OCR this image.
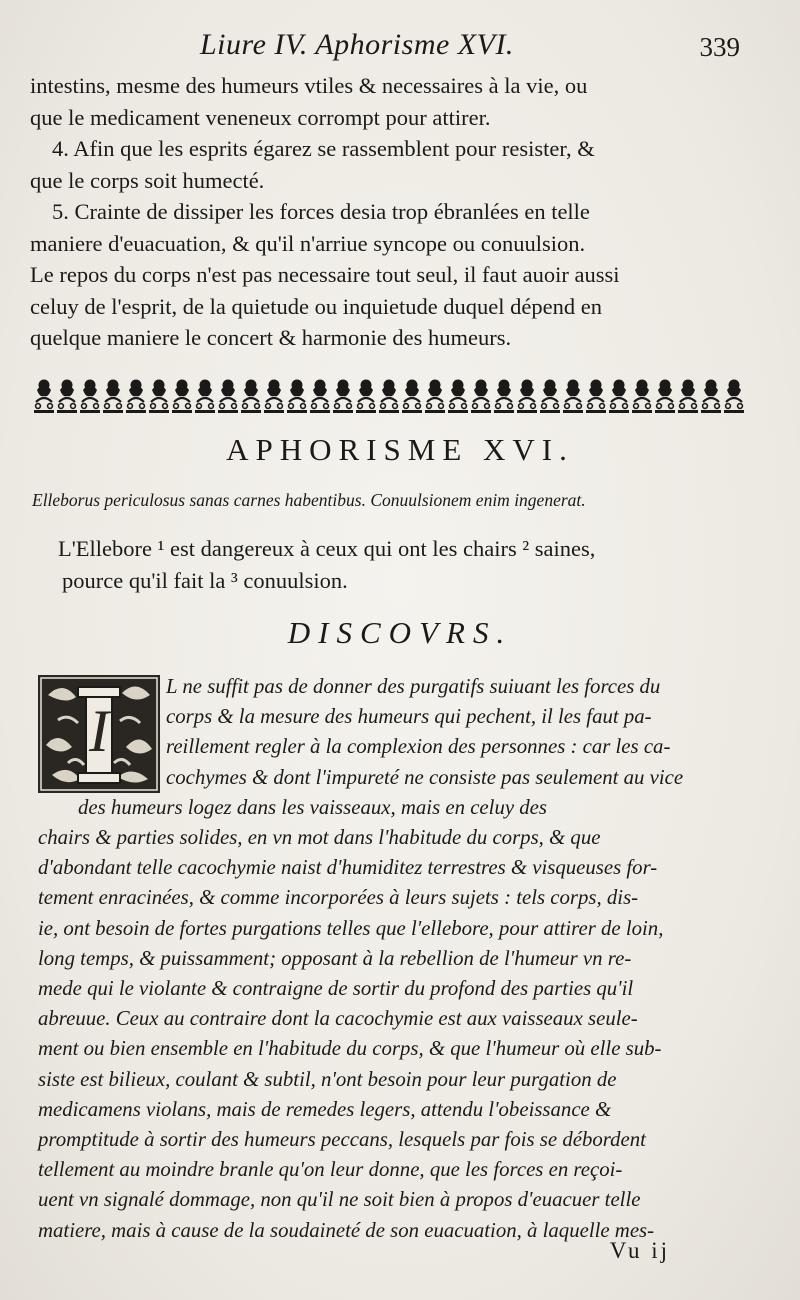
Liure IV. Aphorisme XVI.	339

intestins, mesme des humeurs vtiles & necessaires à la vie, ou

que le medicament veneneux corrompt pour attirer.

4. Afin que les esprits égarez se rassemblent pour resister, &

que le corps soit humecté.

5. Crainte de dissiper les forces desia trop ébranlées en telle

maniere d'euacuation, & qu'il n'arriue syncope ou conuulsion.

Le repos du corps n'est pas necessaire tout seul, il faut auoir aussi

celuy de l'esprit, de la quietude ou inquietude duquel dépend en

quelque maniere le concert & harmonie des humeurs.

APHORISME XVI.
Elleborus periculosus sanas carnes habentibus. Conuulsionem enim ingenerat.

L'Ellebore ¹ est dangereux à ceux qui ont les chairs ² saines,

pource qu'il fait la ³ conuulsion.

DISCOVRS.
I
L ne suffit pas de donner des purgatifs suiuant les forces du
corps & la mesure des humeurs qui pechent, il les faut pa-
reillement regler à la complexion des personnes : car les ca-
cochymes & dont l'impureté ne consiste pas seulement au vice
des humeurs logez dans les vaisseaux, mais en celuy des
chairs & parties solides, en vn mot dans l'habitude du corps, & que
d'abondant telle cacochymie naist d'humiditez terrestres & visqueuses for-
tement enracinées, & comme incorporées à leurs sujets : tels corps, dis-
ie, ont besoin de fortes purgations telles que l'ellebore, pour attirer de loin,
long temps, & puissamment; opposant à la rebellion de l'humeur vn re-
mede qui le violante & contraigne de sortir du profond des parties qu'il
abreuue. Ceux au contraire dont la cacochymie est aux vaisseaux seule-
ment ou bien ensemble en l'habitude du corps, & que l'humeur où elle sub-
siste est bilieux, coulant & subtil, n'ont besoin pour leur purgation de
medicamens violans, mais de remedes legers, attendu l'obeissance &
promptitude à sortir des humeurs peccans, lesquels par fois se débordent
tellement au moindre branle qu'on leur donne, que les forces en reçoi-
uent vn signalé dommage, non qu'il ne soit bien à propos d'euacuer telle
matiere, mais à cause de la soudaineté de son euacuation, à laquelle mes-
Vu ij
